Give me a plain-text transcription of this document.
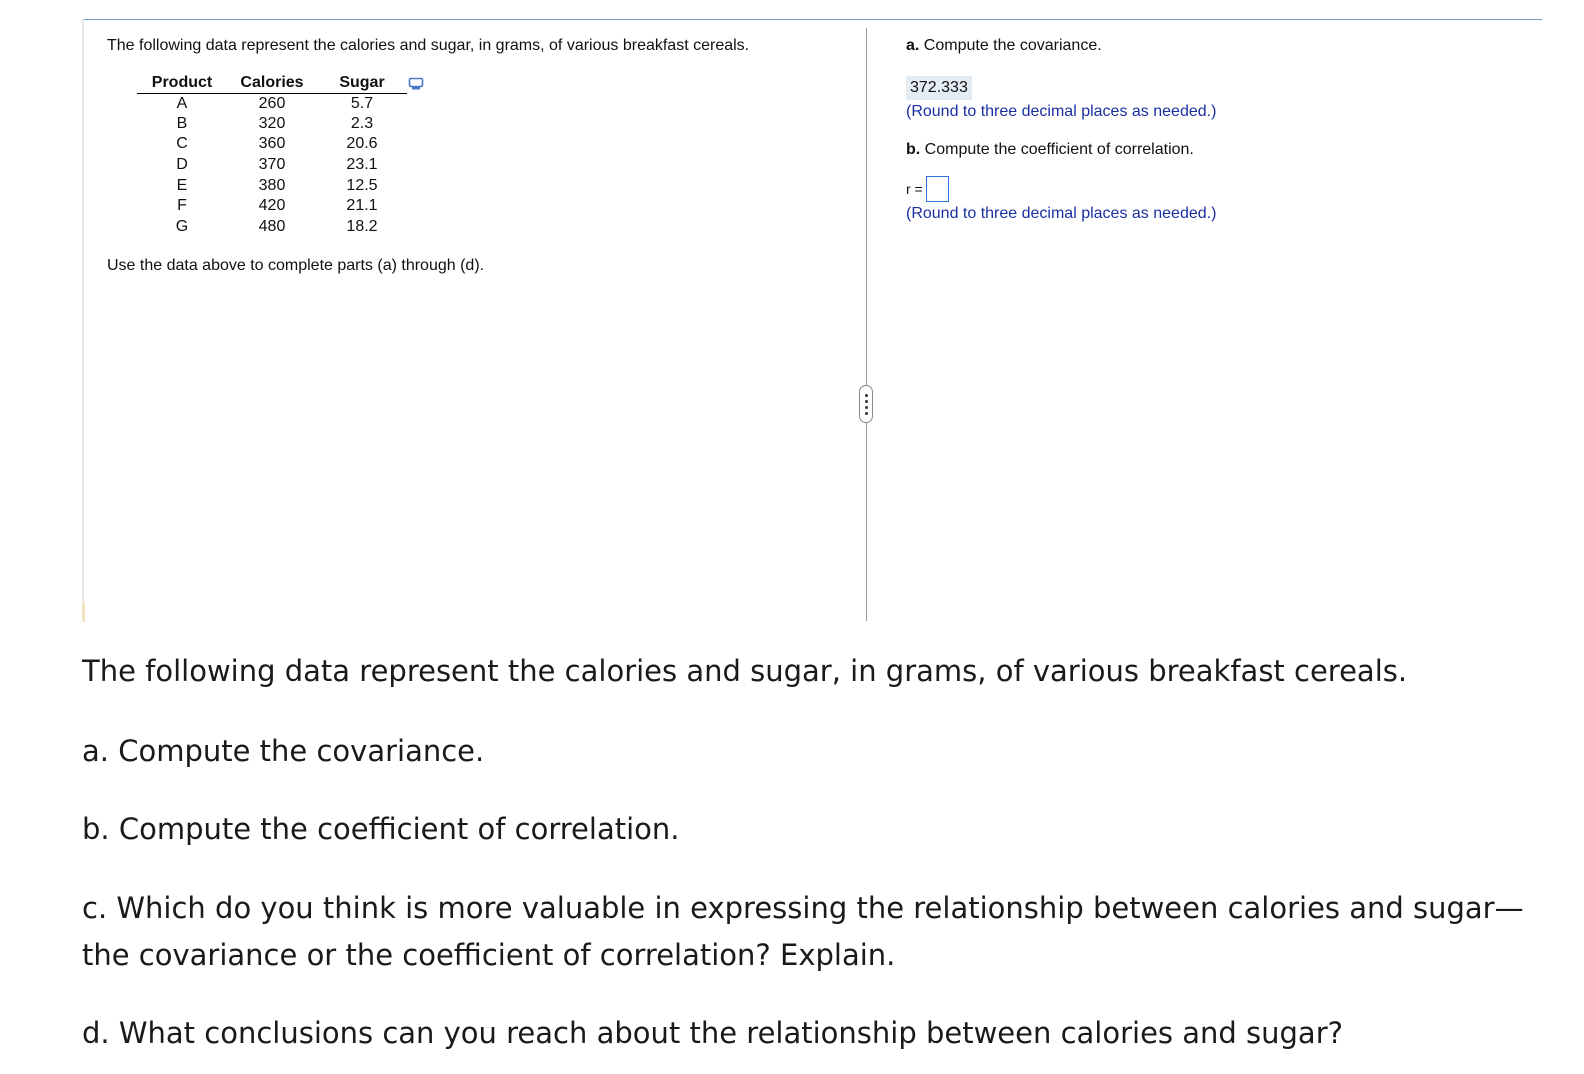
The following data represent the calories and sugar, in grams, of various breakfast cereals.
Product	Calories	Sugar
A	260	5.7
B	320	2.3
C	360	20.6
D	370	23.1
E	380	12.5
F	420	21.1
G	480	18.2
Use the data above to complete parts (a) through (d).
a. Compute the covariance.
372.333
(Round to three decimal places as needed.)
b. Compute the coefficient of correlation.
r =
(Round to three decimal places as needed.)

The following data represent the calories and sugar, in grams, of various breakfast cereals.

a. Compute the covariance.

b. Compute the coefficient of correlation.

c. Which do you think is more valuable in expressing the relationship between calories and sugar—the covariance or the coefficient of correlation? Explain.

d. What conclusions can you reach about the relationship between calories and sugar?
